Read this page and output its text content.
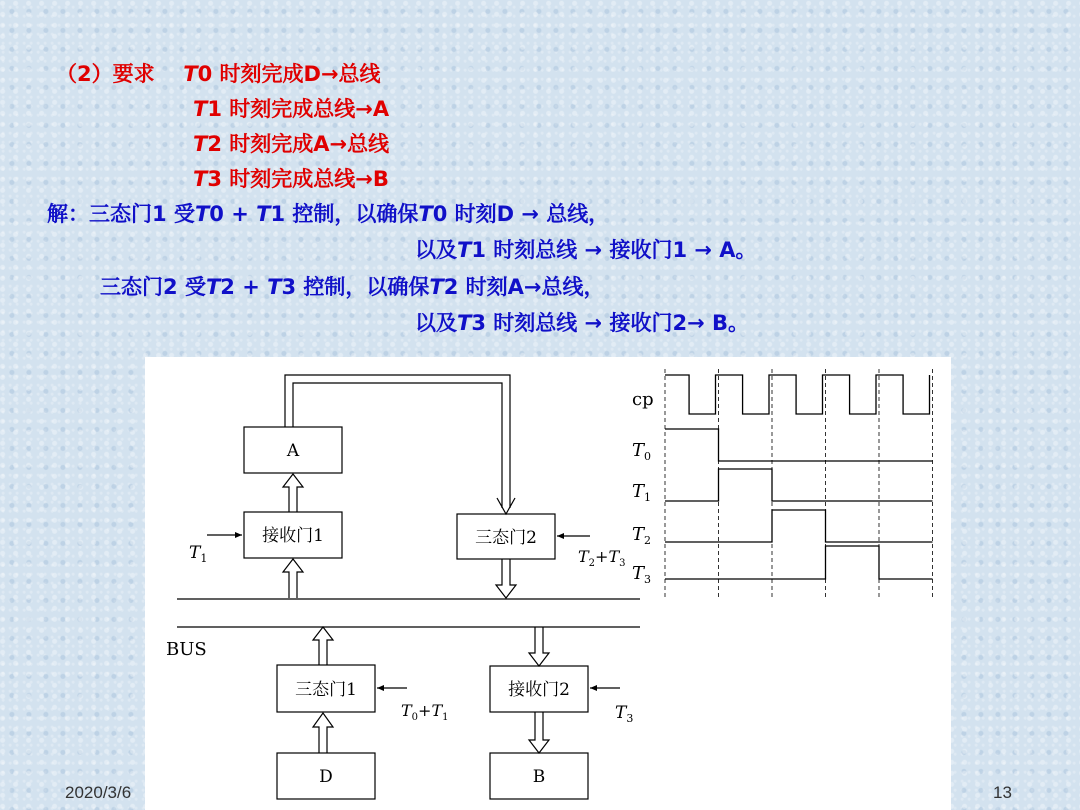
（2）要求 T0 时刻完成D→总线
T1 时刻完成总线→A
T2 时刻完成A→总线
T3 时刻完成总线→B
解：三态门1 受T0 + T1 控制，以确保T0 时刻D → 总线，
以及T1 时刻总线 → 接收门1 → A。
三态门2 受T2 + T3 控制，以确保T2 时刻A→总线，
以及T3 时刻总线 → 接收门2→ B。
A
接收门1	三态门2
三态门1	接收门2
D	B
BUS
$T_1$	$T_2+T_3$
$T_0+T_1$	$T_3$
cp
$T_0$
$T_1$
$T_2$
$T_3$
2020/3/6	13
